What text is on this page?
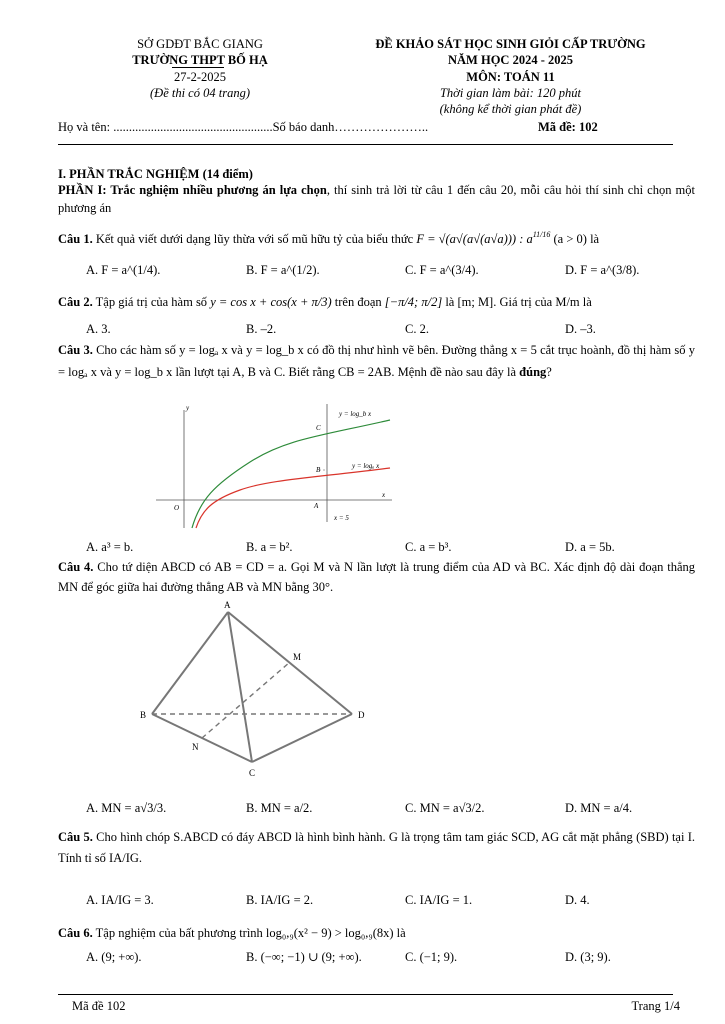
SỞ GDĐT BẮC GIANG
TRƯỜNG THPT BỐ HẠ
27-2-2025
(Đề thi có 04 trang)
ĐỀ KHẢO SÁT HỌC SINH GIỎI CẤP TRƯỜNG
NĂM HỌC 2024 - 2025
MÔN: TOÁN 11
Thời gian làm bài: 120 phút
(không kể thời gian phát đề)
Họ và tên: ...................................................Số báo danh…………………..	Mã đề: 102
I. PHẦN TRẮC NGHIỆM (14 điểm)
PHẦN I: Trắc nghiệm nhiều phương án lựa chọn, thí sinh trả lời từ câu 1 đến câu 20, mỗi câu hỏi thí sinh chỉ chọn một phương án
Câu 1. Kết quả viết dưới dạng lũy thừa với số mũ hữu tỷ của biểu thức F = √(a√(a√(a√a))) : $a^{11/16}$ (a > 0) là
A. F = a^(1/4).	B. F = a^(1/2).	C. F = a^(3/4).	D. F = a^(3/8).
Câu 2. Tập giá trị của hàm số y = cos x + cos(x + π/3) trên đoạn [−π/4; π/2] là [m; M]. Giá trị của M/m là
A. 3.	B. –2.	C. 2.	D. –3.
Câu 3. Cho các hàm số y = logₐ x và y = log_b x có đồ thị như hình vẽ bên. Đường thẳng x = 5 cắt trục hoành, đồ thị hàm số y = logₐ x và y = log_b x lần lượt tại A, B và C. Biết rằng CB = 2AB. Mệnh đề nào sau đây là đúng?
y
x
O	A
B
C
x = 5
y = log_b x
y = logₐ x
A. a³ = b.	B. a = b².	C. a = b³.	D. a = 5b.
Câu 4. Cho tứ diện ABCD có AB = CD = a. Gọi M và N lần lượt là trung điểm của AD và BC. Xác định độ dài đoạn thẳng MN để góc giữa hai đường thẳng AB và MN bằng 30°.
A
B
C
D
M
N
A. MN = a√3/3.	B. MN = a/2.	C. MN = a√3/2.	D. MN = a/4.
Câu 5. Cho hình chóp S.ABCD có đáy ABCD là hình bình hành. G là trọng tâm tam giác SCD, AG cắt mặt phẳng (SBD) tại I. Tính tỉ số IA/IG.
A. IA/IG = 3.	B. IA/IG = 2.	C. IA/IG = 1.	D. 4.
Câu 6. Tập nghiệm của bất phương trình log₀,₉(x² − 9) > log₀,₉(8x) là
A. (9; +∞).	B. (−∞; −1) ∪ (9; +∞).	C. (−1; 9).	D. (3; 9).
Mã đề 102	Trang 1/4
